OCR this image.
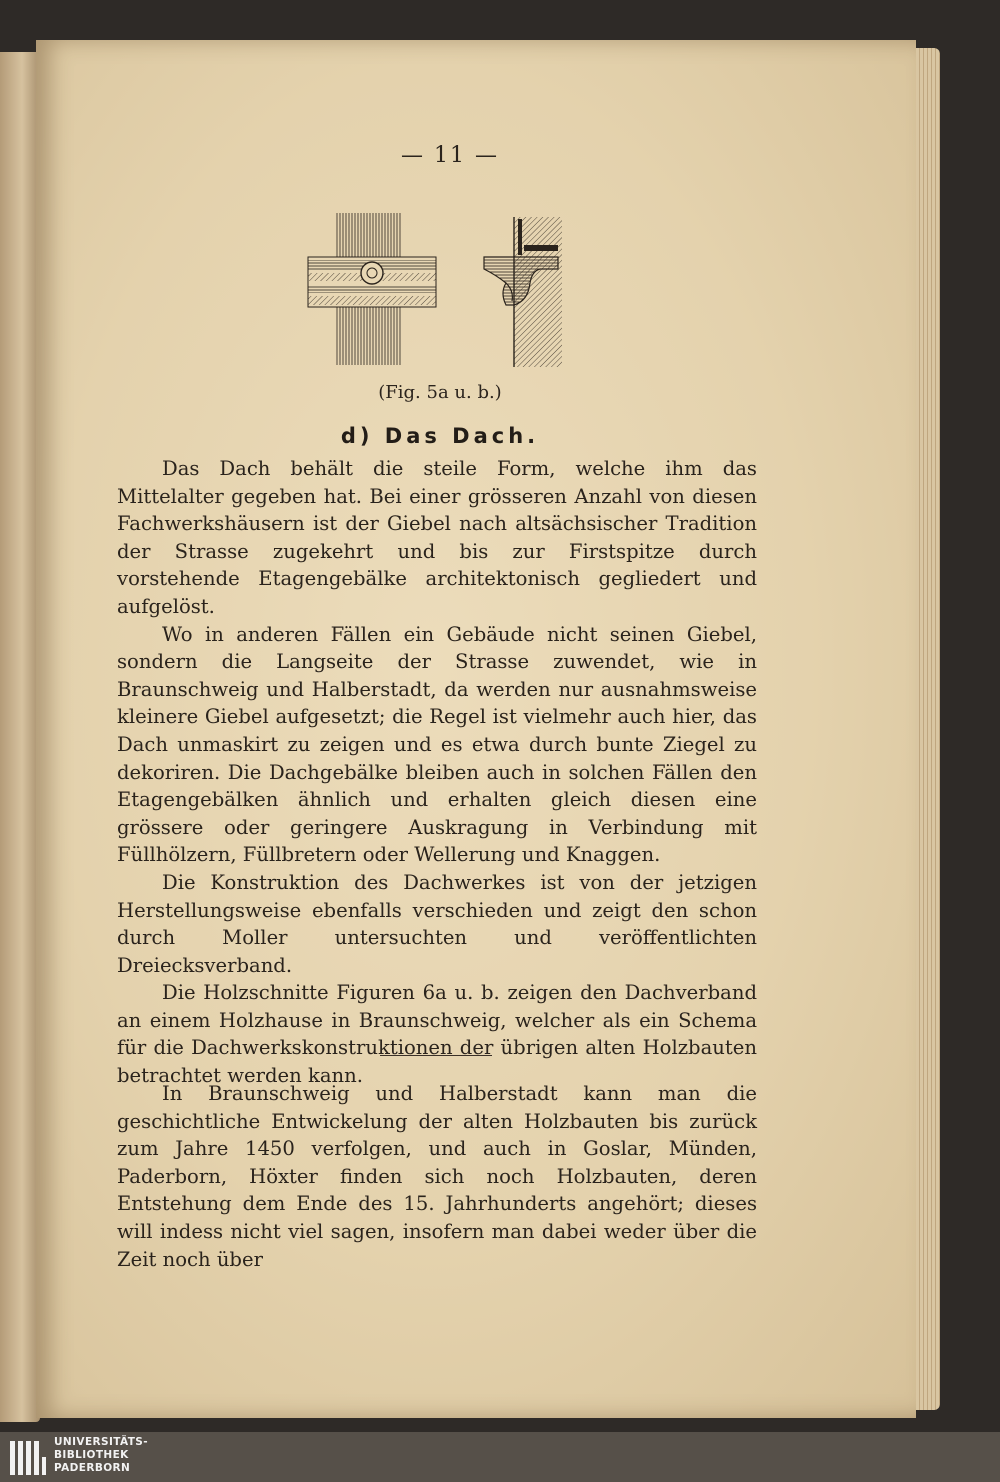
— 11 —
(Fig. 5a u. b.)
d) Das Dach.

Das Dach behält die steile Form, welche ihm das Mittelalter gegeben hat. Bei einer grösseren Anzahl von diesen Fachwerkshäusern ist der Giebel nach altsächsischer Tradition der Strasse zugekehrt und bis zur Firstspitze durch vorstehende Etagengebälke architektonisch gegliedert und aufgelöst.

Wo in anderen Fällen ein Gebäude nicht seinen Giebel, sondern die Langseite der Strasse zuwendet, wie in Braunschweig und Halberstadt, da werden nur ausnahmsweise kleinere Giebel aufgesetzt; die Regel ist vielmehr auch hier, das Dach unmaskirt zu zeigen und es etwa durch bunte Ziegel zu dekoriren. Die Dachgebälke bleiben auch in solchen Fällen den Etagengebälken ähnlich und erhalten gleich diesen eine grössere oder geringere Auskragung in Verbindung mit Füllhölzern, Füllbretern oder Wellerung und Knaggen.

Die Konstruktion des Dachwerkes ist von der jetzigen Herstellungsweise ebenfalls verschieden und zeigt den schon durch Moller untersuchten und veröffentlichten Dreiecksverband.

Die Holzschnitte Figuren 6a u. b. zeigen den Dachverband an einem Holzhause in Braunschweig, welcher als ein Schema für die Dachwerkskonstruktionen der übrigen alten Holzbauten betrachtet werden kann.

In Braunschweig und Halberstadt kann man die geschichtliche Entwickelung der alten Holzbauten bis zurück zum Jahre 1450 verfolgen, und auch in Goslar, Münden, Paderborn, Höxter finden sich noch Holzbauten, deren Entstehung dem Ende des 15. Jahrhunderts angehört; dieses will indess nicht viel sagen, insofern man dabei weder über die Zeit noch über

UNIVERSITÄTS-
BIBLIOTHEK
PADERBORN
